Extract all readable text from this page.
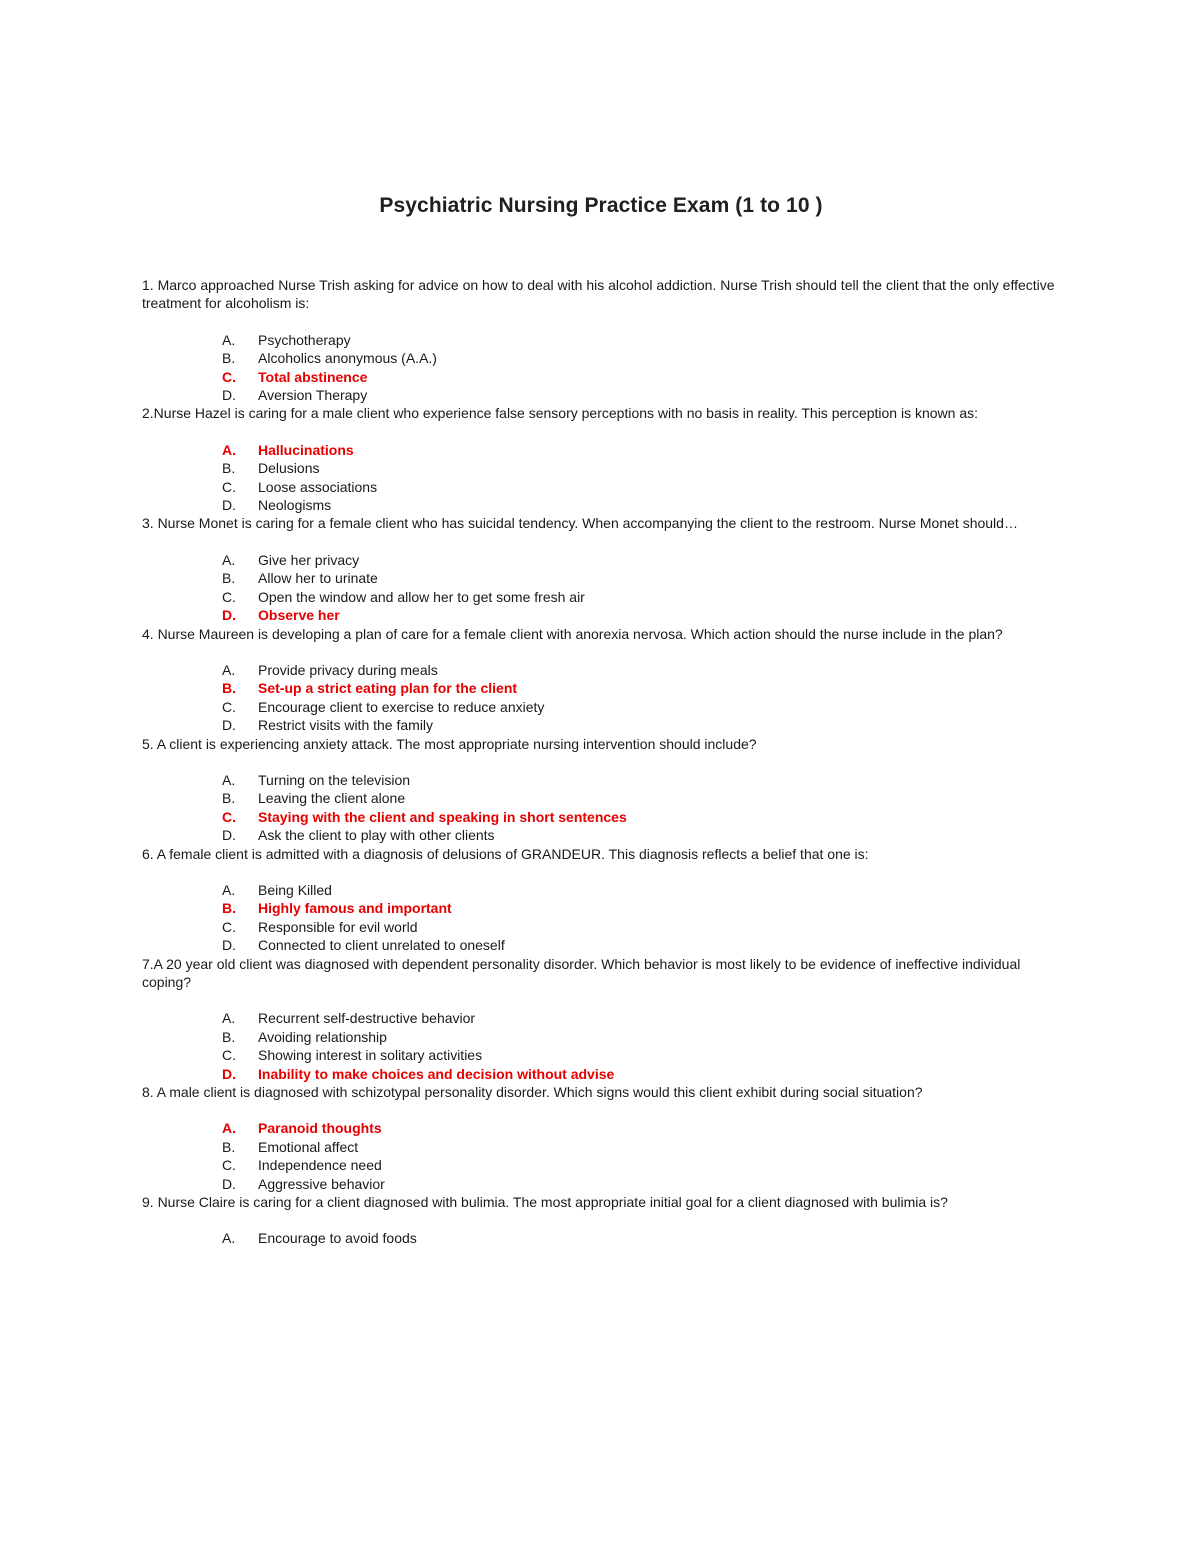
Psychiatric Nursing Practice Exam (1 to 10 )

1. Marco approached Nurse Trish asking for advice on how to deal with his alcohol addiction. Nurse Trish should tell the client that the only effective treatment for alcoholism is:

A.	Psychotherapy
B.	Alcoholics anonymous (A.A.)
C.	Total abstinence
D.	Aversion Therapy

2.Nurse Hazel is caring for a male client who experience false sensory perceptions with no basis in reality. This perception is known as:

A.	Hallucinations
B.	Delusions
C.	Loose associations
D.	Neologisms

3. Nurse Monet is caring for a female client who has suicidal tendency. When accompanying the client to the restroom. Nurse Monet should…

A.	Give her privacy
B.	Allow her to urinate
C.	Open the window and allow her to get some fresh air
D.	Observe her

4. Nurse Maureen is developing a plan of care for a female client with anorexia nervosa. Which action should the nurse include in the plan?

A.	Provide privacy during meals
B.	Set-up a strict eating plan for the client
C.	Encourage client to exercise to reduce anxiety
D.	Restrict visits with the family

5. A client is experiencing anxiety attack. The most appropriate nursing intervention should include?

A.	Turning on the television
B.	Leaving the client alone
C.	Staying with the client and speaking in short sentences
D.	Ask the client to play with other clients

6. A female client is admitted with a diagnosis of delusions of GRANDEUR. This diagnosis reflects a belief that one is:

A.	Being Killed
B.	Highly famous and important
C.	Responsible for evil world
D.	Connected to client unrelated to oneself

7.A 20 year old client was diagnosed with dependent personality disorder. Which behavior is most likely to be evidence of ineffective individual coping?

A.	Recurrent self-destructive behavior
B.	Avoiding relationship
C.	Showing interest in solitary activities
D.	Inability to make choices and decision without advise

8. A male client is diagnosed with schizotypal personality disorder. Which signs would this client exhibit during social situation?

A.	Paranoid thoughts
B.	Emotional affect
C.	Independence need
D.	Aggressive behavior

9. Nurse Claire is caring for a client diagnosed with bulimia. The most appropriate initial goal for a client diagnosed with bulimia is?

A.	Encourage to avoid foods
